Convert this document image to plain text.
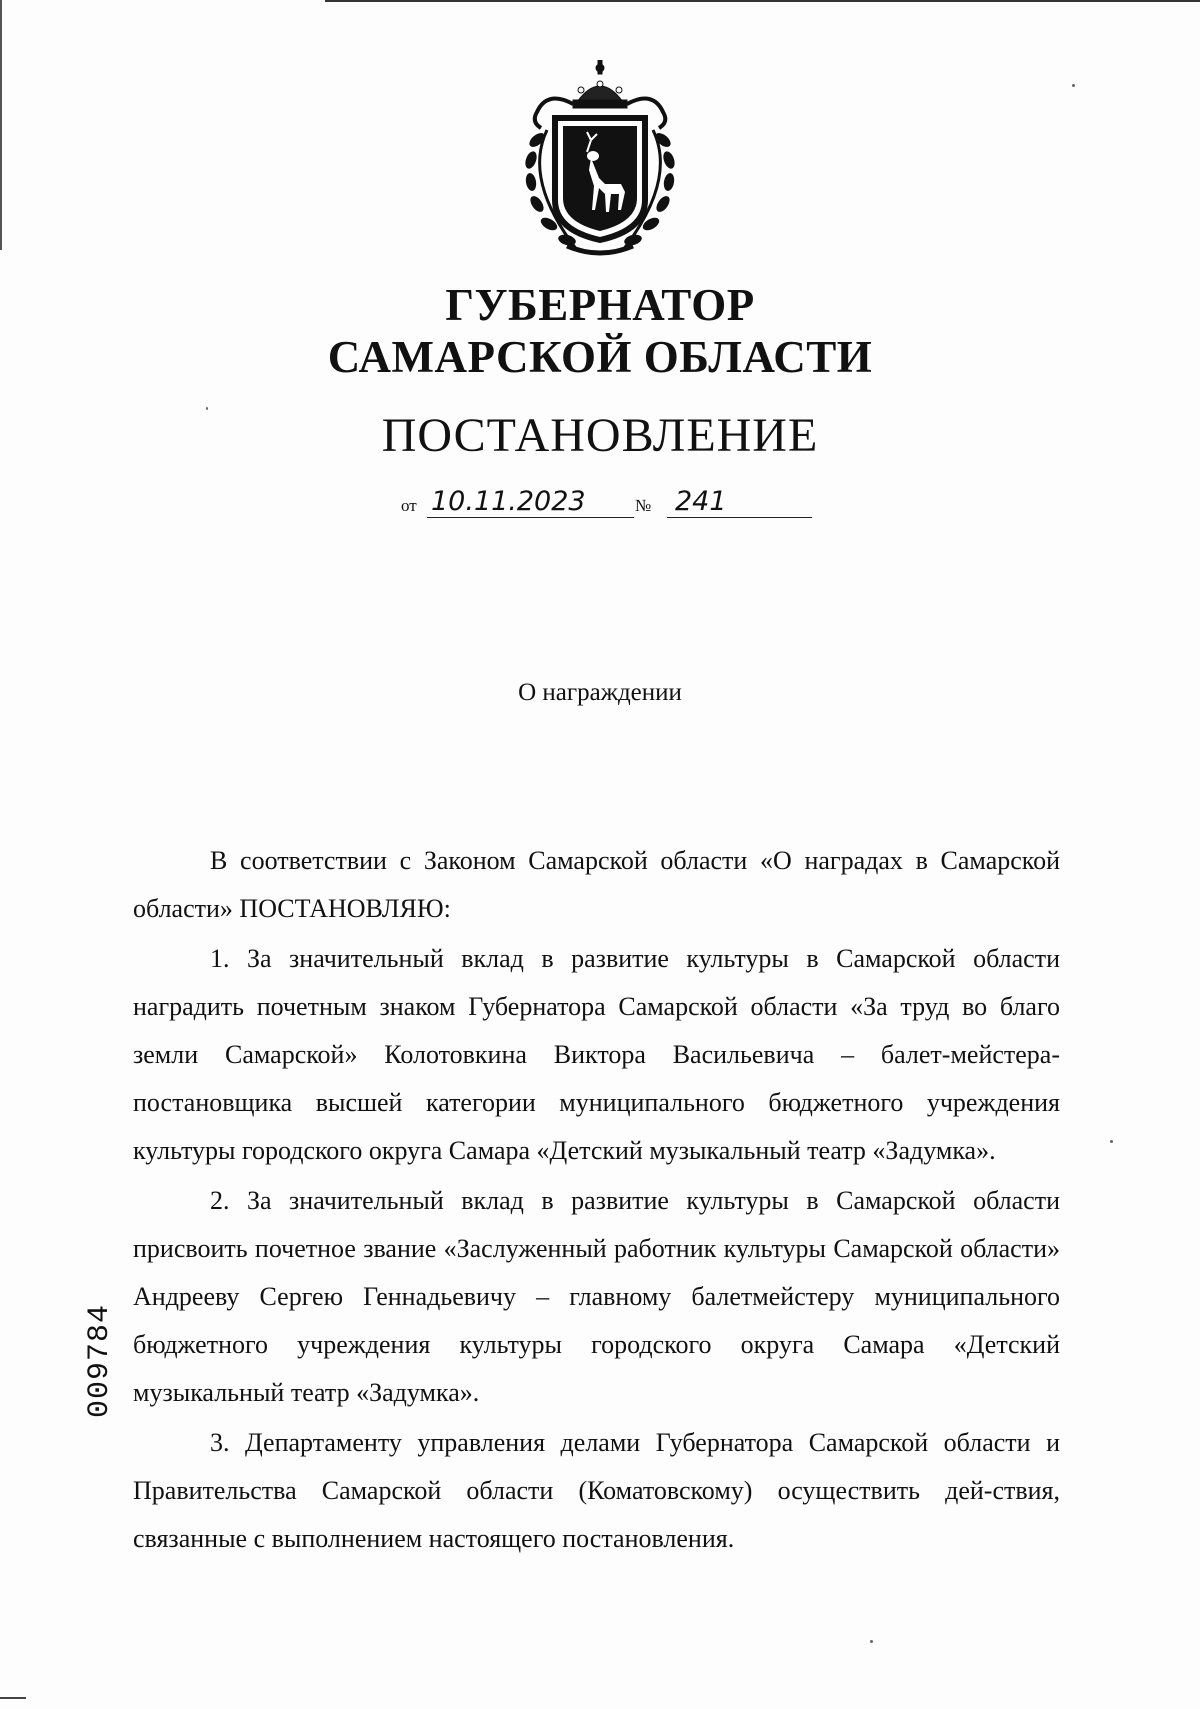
ГУБЕРНАТОР
САМАРСКОЙ ОБЛАСТИ
ПОСТАНОВЛЕНИЕ
от 10.11.2023	№ 241
О награждении

В соответствии с Законом Самарской области «О наградах в Самарской области» ПОСТАНОВЛЯЮ:

1. За значительный вклад в развитие культуры в Самарской области наградить почетным знаком Губернатора Самарской области «За труд во благо земли Самарской» Колотовкина Виктора Васильевича – балет-мейстера-постановщика высшей категории муниципального бюджетного учреждения культуры городского округа Самара «Детский музыкальный театр «Задумка».

2. За значительный вклад в развитие культуры в Самарской области присвоить почетное звание «Заслуженный работник культуры Самарской области» Андрееву Сергею Геннадьевичу – главному балетмейстеру муниципального бюджетного учреждения культуры городского округа Самара «Детский музыкальный театр «Задумка».

3. Департаменту управления делами Губернатора Самарской области и Правительства Самарской области (Коматовскому) осуществить дей-ствия, связанные с выполнением настоящего постановления.

009784
